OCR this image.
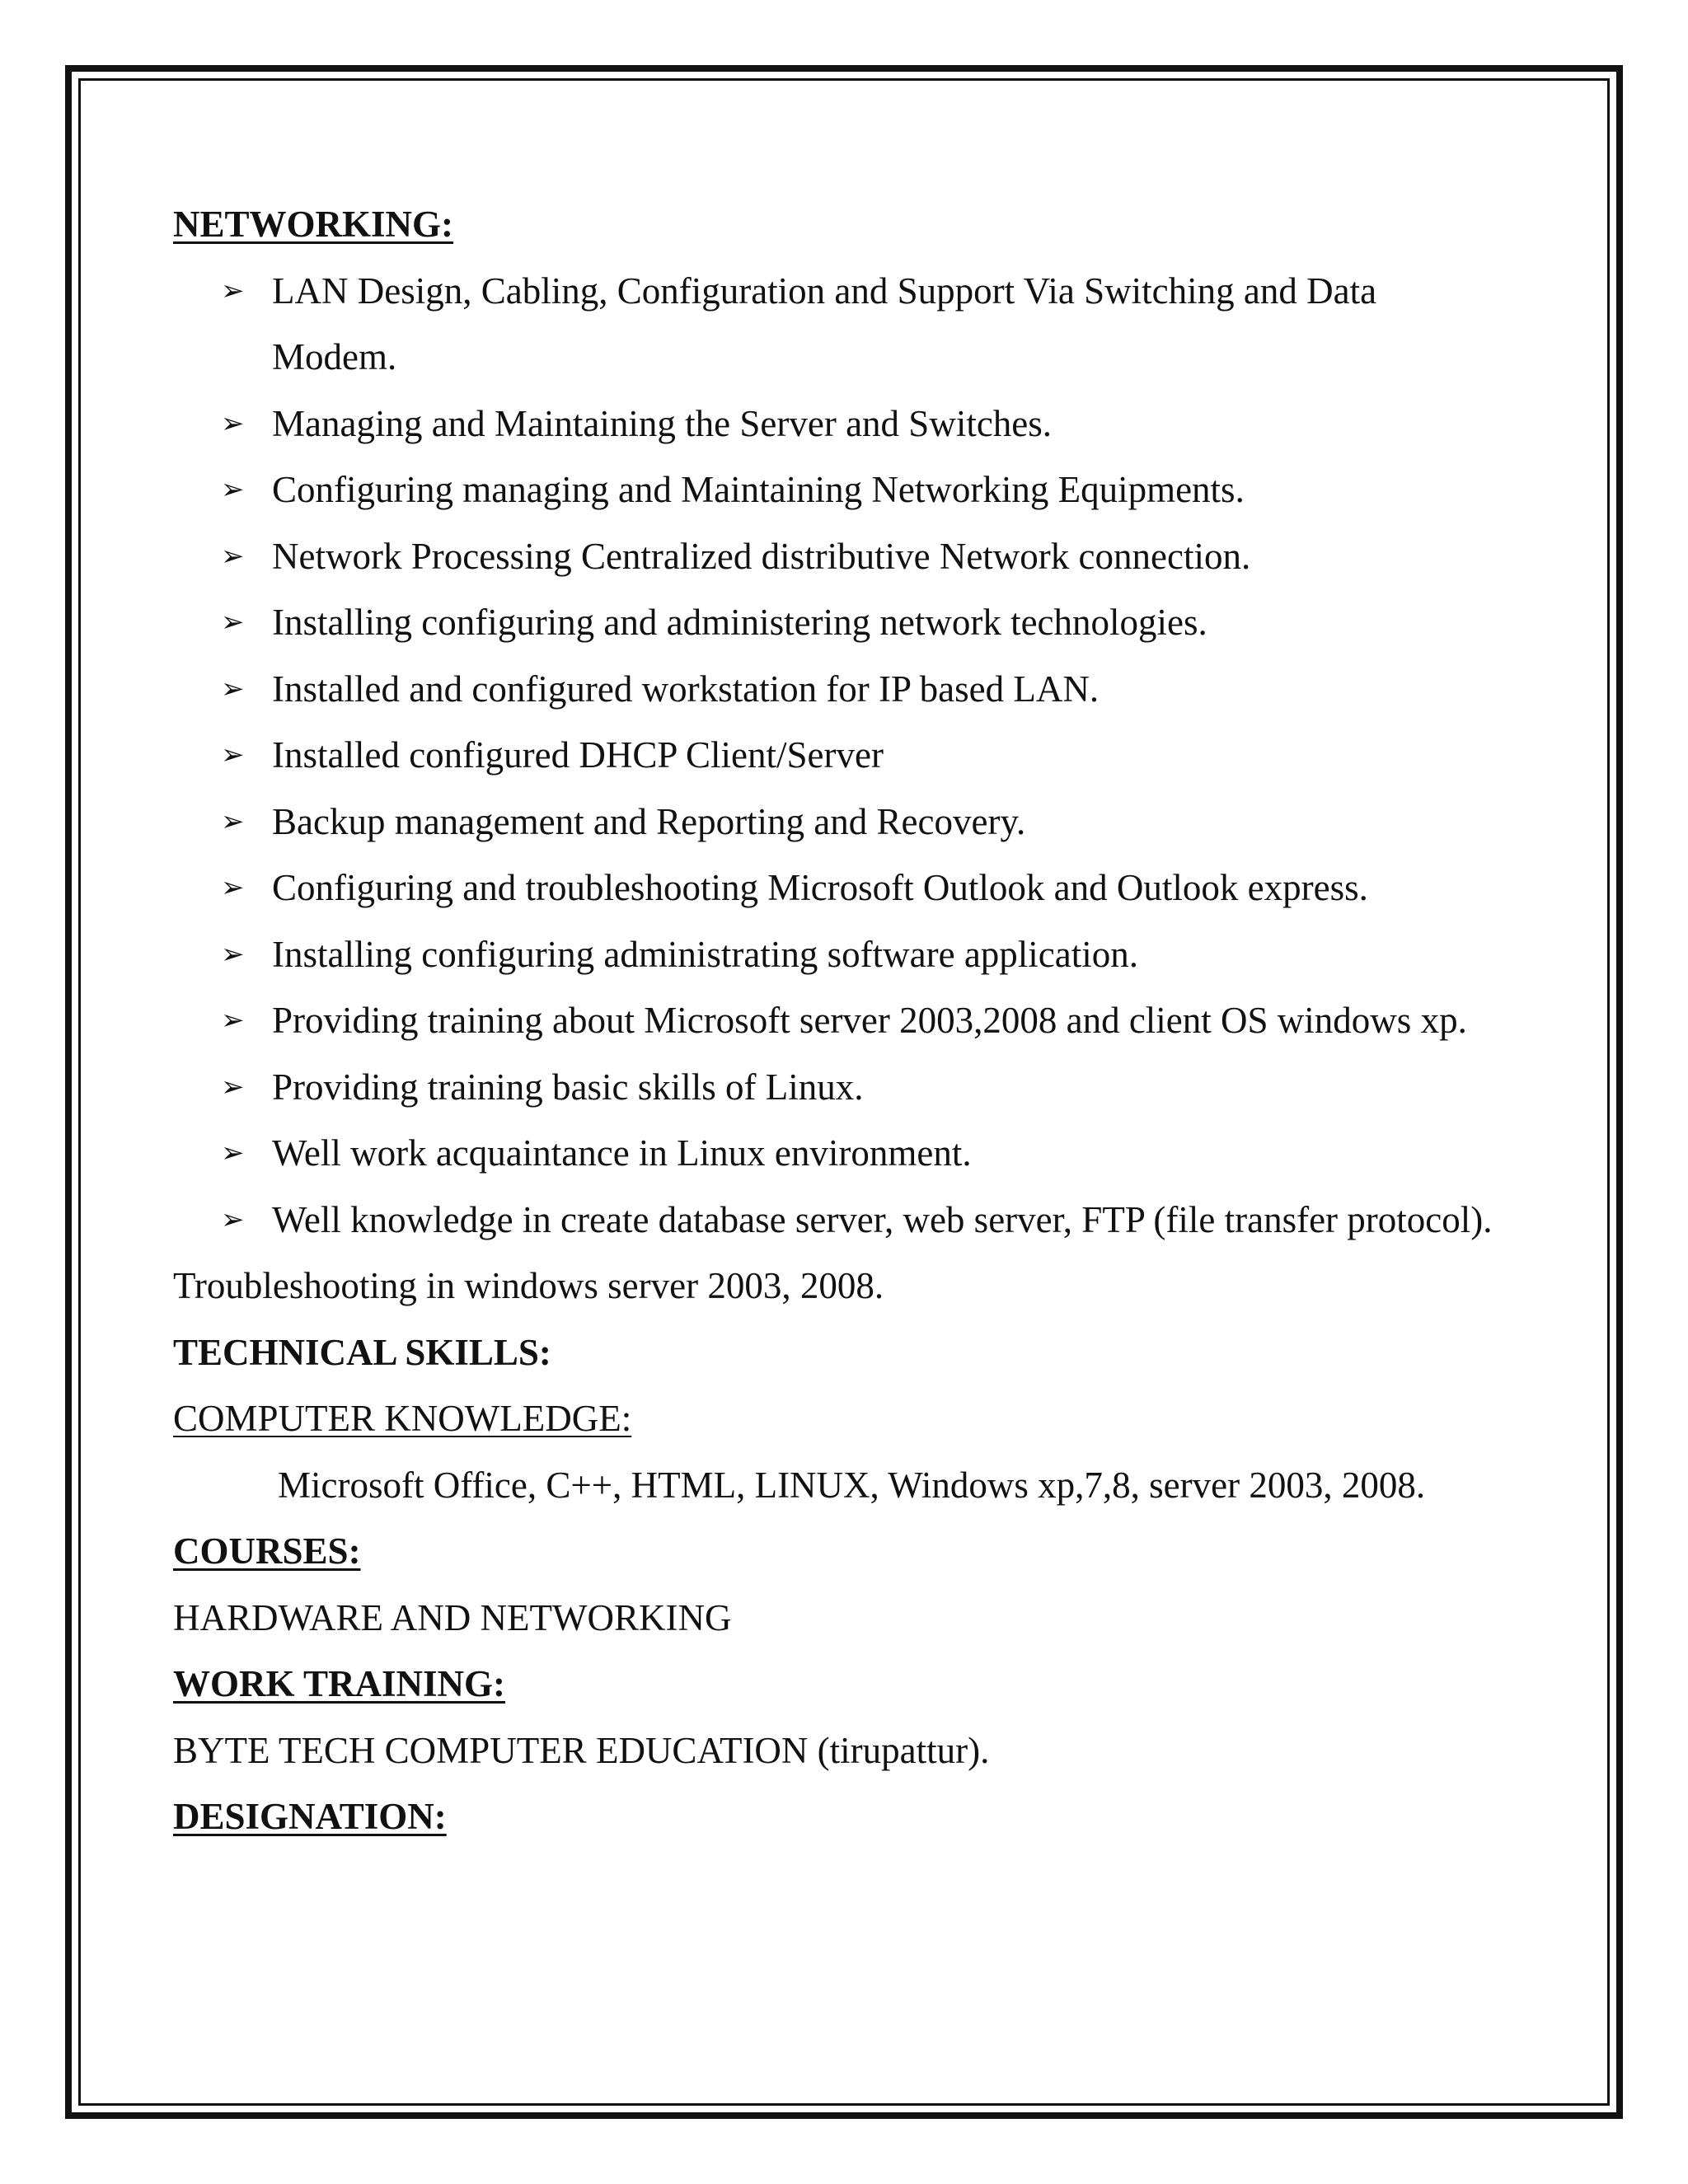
NETWORKING:
➢ LAN Design, Cabling, Configuration and Support Via Switching and Data Modem.
➢ Managing and Maintaining the Server and Switches.
➢ Configuring managing and Maintaining Networking Equipments.
➢ Network Processing Centralized distributive Network connection.
➢ Installing configuring and administering network technologies.
➢ Installed and configured workstation for IP based LAN.
➢ Installed configured DHCP Client/Server
➢ Backup management and Reporting and Recovery.
➢ Configuring and troubleshooting Microsoft Outlook and Outlook express.
➢ Installing configuring administrating software application.
➢ Providing training about Microsoft server 2003,2008 and client OS windows xp.
➢ Providing training basic skills of Linux.
➢ Well work acquaintance in Linux environment.
➢ Well knowledge in create database server, web server, FTP (file transfer protocol).
Troubleshooting in windows server 2003, 2008.
TECHNICAL SKILLS:
COMPUTER KNOWLEDGE:
Microsoft Office, C++, HTML, LINUX, Windows xp,7,8, server 2003, 2008.
COURSES:
HARDWARE AND NETWORKING
WORK TRAINING:
BYTE TECH COMPUTER EDUCATION (tirupattur).
DESIGNATION:
